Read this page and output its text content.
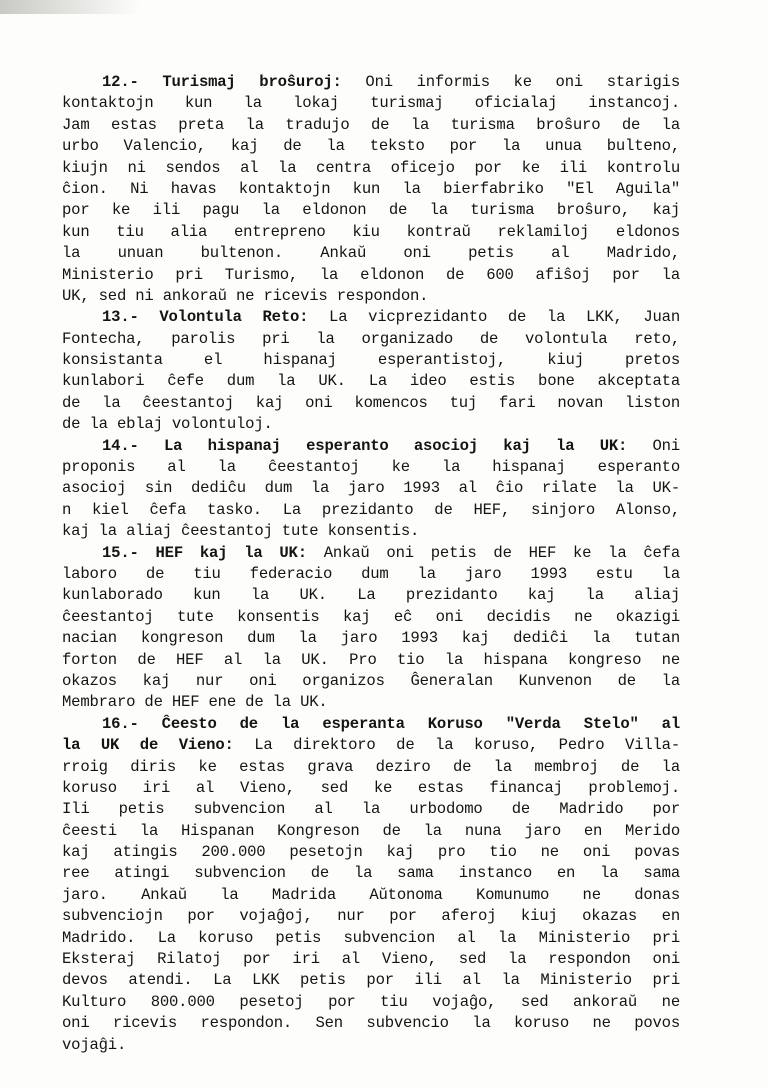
12.- Turismaj broŝuroj: Oni informis ke oni starigis
kontaktojn kun la lokaj turismaj oficialaj instancoj.
Jam estas preta la tradujo de la turisma broŝuro de la
urbo Valencio, kaj de la teksto por la unua bulteno,
kiujn ni sendos al la centra oficejo por ke ili kontrolu
ĉion. Ni havas kontaktojn kun la bierfabriko "El Aguila"
por ke ili pagu la eldonon de la turisma broŝuro, kaj
kun tiu alia entrepreno kiu kontraŭ reklamiloj eldonos
la unuan bultenon. Ankaŭ oni petis al Madrido,
Ministerio pri Turismo, la eldonon de 600 afiŝoj por la
UK, sed ni ankoraŭ ne ricevis respondon.
13.- Volontula Reto: La vicprezidanto de la LKK, Juan
Fontecha, parolis pri la organizado de volontula reto,
konsistanta el hispanaj esperantistoj, kiuj pretos
kunlabori ĉefe dum la UK. La ideo estis bone akceptata
de la ĉeestantoj kaj oni komencos tuj fari novan liston
de la eblaj volontuloj.
14.- La hispanaj esperanto asocioj kaj la UK: Oni
proponis al la ĉeestantoj ke la hispanaj esperanto
asocioj sin dediĉu dum la jaro 1993 al ĉio rilate la UK-
n kiel ĉefa tasko. La prezidanto de HEF, sinjoro Alonso,
kaj la aliaj ĉeestantoj tute konsentis.
15.- HEF kaj la UK: Ankaŭ oni petis de HEF ke la ĉefa
laboro de tiu federacio dum la jaro 1993 estu la
kunlaborado kun la UK. La prezidanto kaj la aliaj
ĉeestantoj tute konsentis kaj eĉ oni decidis ne okazigi
nacian kongreson dum la jaro 1993 kaj dediĉi la tutan
forton de HEF al la UK. Pro tio la hispana kongreso ne
okazos kaj nur oni organizos Ĝeneralan Kunvenon de la
Membraro de HEF ene de la UK.
16.- Ĉeesto de la esperanta Koruso "Verda Stelo" al
la UK de Vieno: La direktoro de la koruso, Pedro Villa-
rroig diris ke estas grava deziro de la membroj de la
koruso iri al Vieno, sed ke estas financaj problemoj.
Ili petis subvencion al la urbodomo de Madrido por
ĉeesti la Hispanan Kongreson de la nuna jaro en Merido
kaj atingis 200.000 pesetojn kaj pro tio ne oni povas
ree atingi subvencion de la sama instanco en la sama
jaro. Ankaŭ la Madrida Aŭtonoma Komunumo ne donas
subvenciojn por vojaĝoj, nur por aferoj kiuj okazas en
Madrido. La koruso petis subvencion al la Ministerio pri
Eksteraj Rilatoj por iri al Vieno, sed la respondon oni
devos atendi. La LKK petis por ili al la Ministerio pri
Kulturo 800.000 pesetoj por tiu vojaĝo, sed ankoraŭ ne
oni ricevis respondon. Sen subvencio la koruso ne povos
vojaĝi.
